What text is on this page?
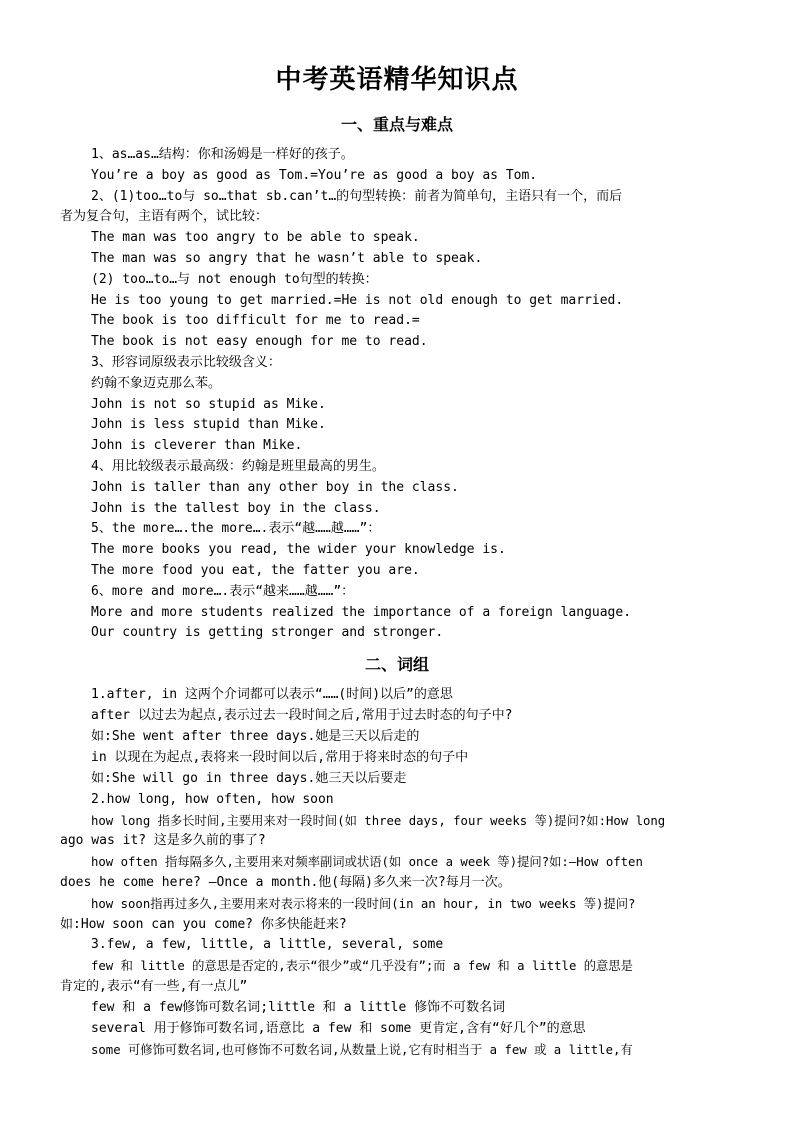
中考英语精华知识点
一、重点与难点
1、as…as…结构：你和汤姆是一样好的孩子。
You’re a boy as good as Tom.=You’re as good a boy as Tom.
2、(1)too…to与 so…that sb.can’t…的句型转换：前者为简单句，主语只有一个，而后
者为复合句，主语有两个，试比较：
The man was too angry to be able to speak.
The man was so angry that he wasn’t able to speak.
(2) too…to…与 not enough to句型的转换：
He is too young to get married.=He is not old enough to get married.
The book is too difficult for me to read.=
The book is not easy enough for me to read.
3、形容词原级表示比较级含义：
约翰不象迈克那么苯。
John is not so stupid as Mike.
John is less stupid than Mike.
John is cleverer than Mike.
4、用比较级表示最高级：约翰是班里最高的男生。
John is taller than any other boy in the class.
John is the tallest boy in the class.
5、the more….the more….表示“越……越……”：
The more books you read, the wider your knowledge is.
The more food you eat, the fatter you are.
6、more and more….表示“越来……越……”：
More and more students realized the importance of a foreign language.
Our country is getting stronger and stronger.
二、词组
1.after, in 这两个介词都可以表示“……(时间)以后”的意思
after 以过去为起点,表示过去一段时间之后,常用于过去时态的句子中?
如:She went after three days.她是三天以后走的
in 以现在为起点,表将来一段时间以后,常用于将来时态的句子中
如:She will go in three days.她三天以后要走
2.how long, how often, how soon
how long 指多长时间,主要用来对一段时间(如 three days, four weeks 等)提问?如:How long
ago was it? 这是多久前的事了?
how often 指每隔多久,主要用来对频率副词或状语(如 once a week 等)提问?如:—How often
does he come here? —Once a month.他(每隔)多久来一次?每月一次。
how soon指再过多久,主要用来对表示将来的一段时间(in an hour, in two weeks 等)提问?
如:How soon can you come? 你多快能赶来?
3.few, a few, little, a little, several, some
few 和 little 的意思是否定的,表示“很少”或“几乎没有”;而 a few 和 a little 的意思是
肯定的,表示“有一些,有一点儿”
few 和 a few修饰可数名词;little 和 a little 修饰不可数名词
several 用于修饰可数名词,语意比 a few 和 some 更肯定,含有“好几个”的意思
some 可修饰可数名词,也可修饰不可数名词,从数量上说,它有时相当于 a few 或 a little,有
